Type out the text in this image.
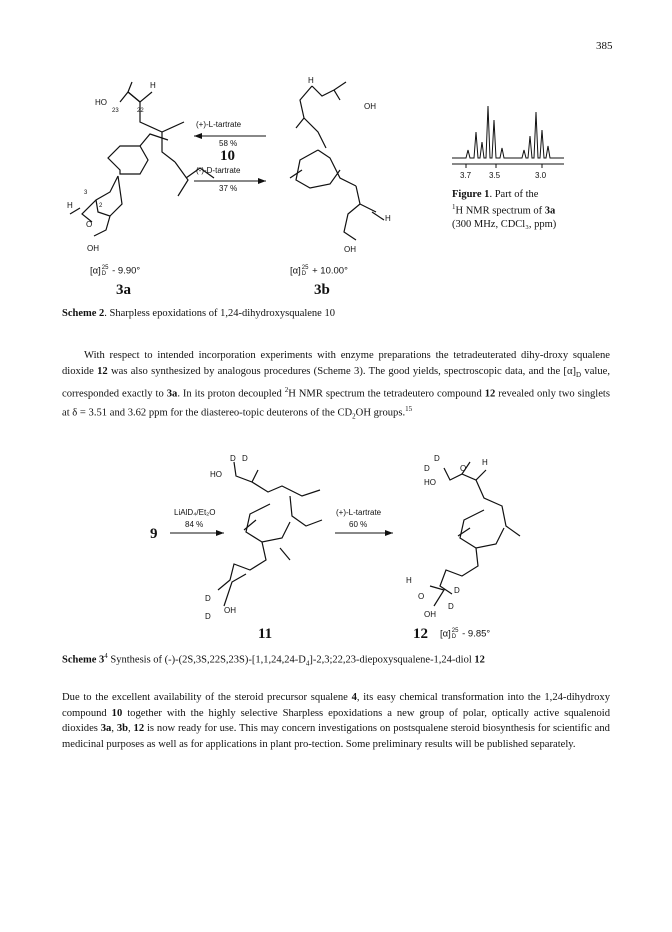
385
HO
23	22
H
3
H	2
O
OH
[α] 25
D - 9.90°
3a
(+)-L-tartrate
58 %
10
(-)-D-tartrate
37 %
H
OH
H
OH
[α] 25
D + 10.00°
3b
3.7 3.5	3.0
Figure 1. Part of the
$^1$H NMR spectrum of 3a
(300 MHz, CDCl₃, ppm)
Scheme 2. Sharpless epoxidations of 1,24-dihydroxysqualene 10
With respect to intended incorporation experiments with enzyme preparations the tetradeuterated dihy-droxy squalene dioxide 12 was also synthesized by analogous procedures (Scheme 3). The good yields, spectroscopic data, and the $[\alpha]_D$ value, corresponded exactly to 3a. In its proton decoupled $^2$H NMR spectrum the tetradeutero compound 12 revealed only two singlets at δ = 3.51 and 3.62 ppm for the diastereo-topic deuterons of the $CD_2OH$ groups.$^{15}$
9
LiAlD₄/Et₂O
84 %
D D
HO
D
D
OH
11
(+)-L-tartrate
60 %
D
D	O
H
HO
H
D
O
OH
D
12 [α] 25
D - 9.85°
Scheme $3^4$ Synthesis of $(-)-(2S,3S,22S,23S)-[1,1,24,24-D_4]-2,3;22,23-diepoxysqualene-1,24$-diol 12
Due to the excellent availability of the steroid precursor squalene 4, its easy chemical transformation into the 1,24-dihydroxy compound 10 together with the highly selective Sharpless epoxidations a new group of polar, optically active squalenoid dioxides 3a, 3b, 12 is now ready for use. This may concern investigations on postsqualene steroid biosynthesis for scientific and medicinal purposes as well as for applications in plant pro-tection. Some preliminary results will be published separately.
